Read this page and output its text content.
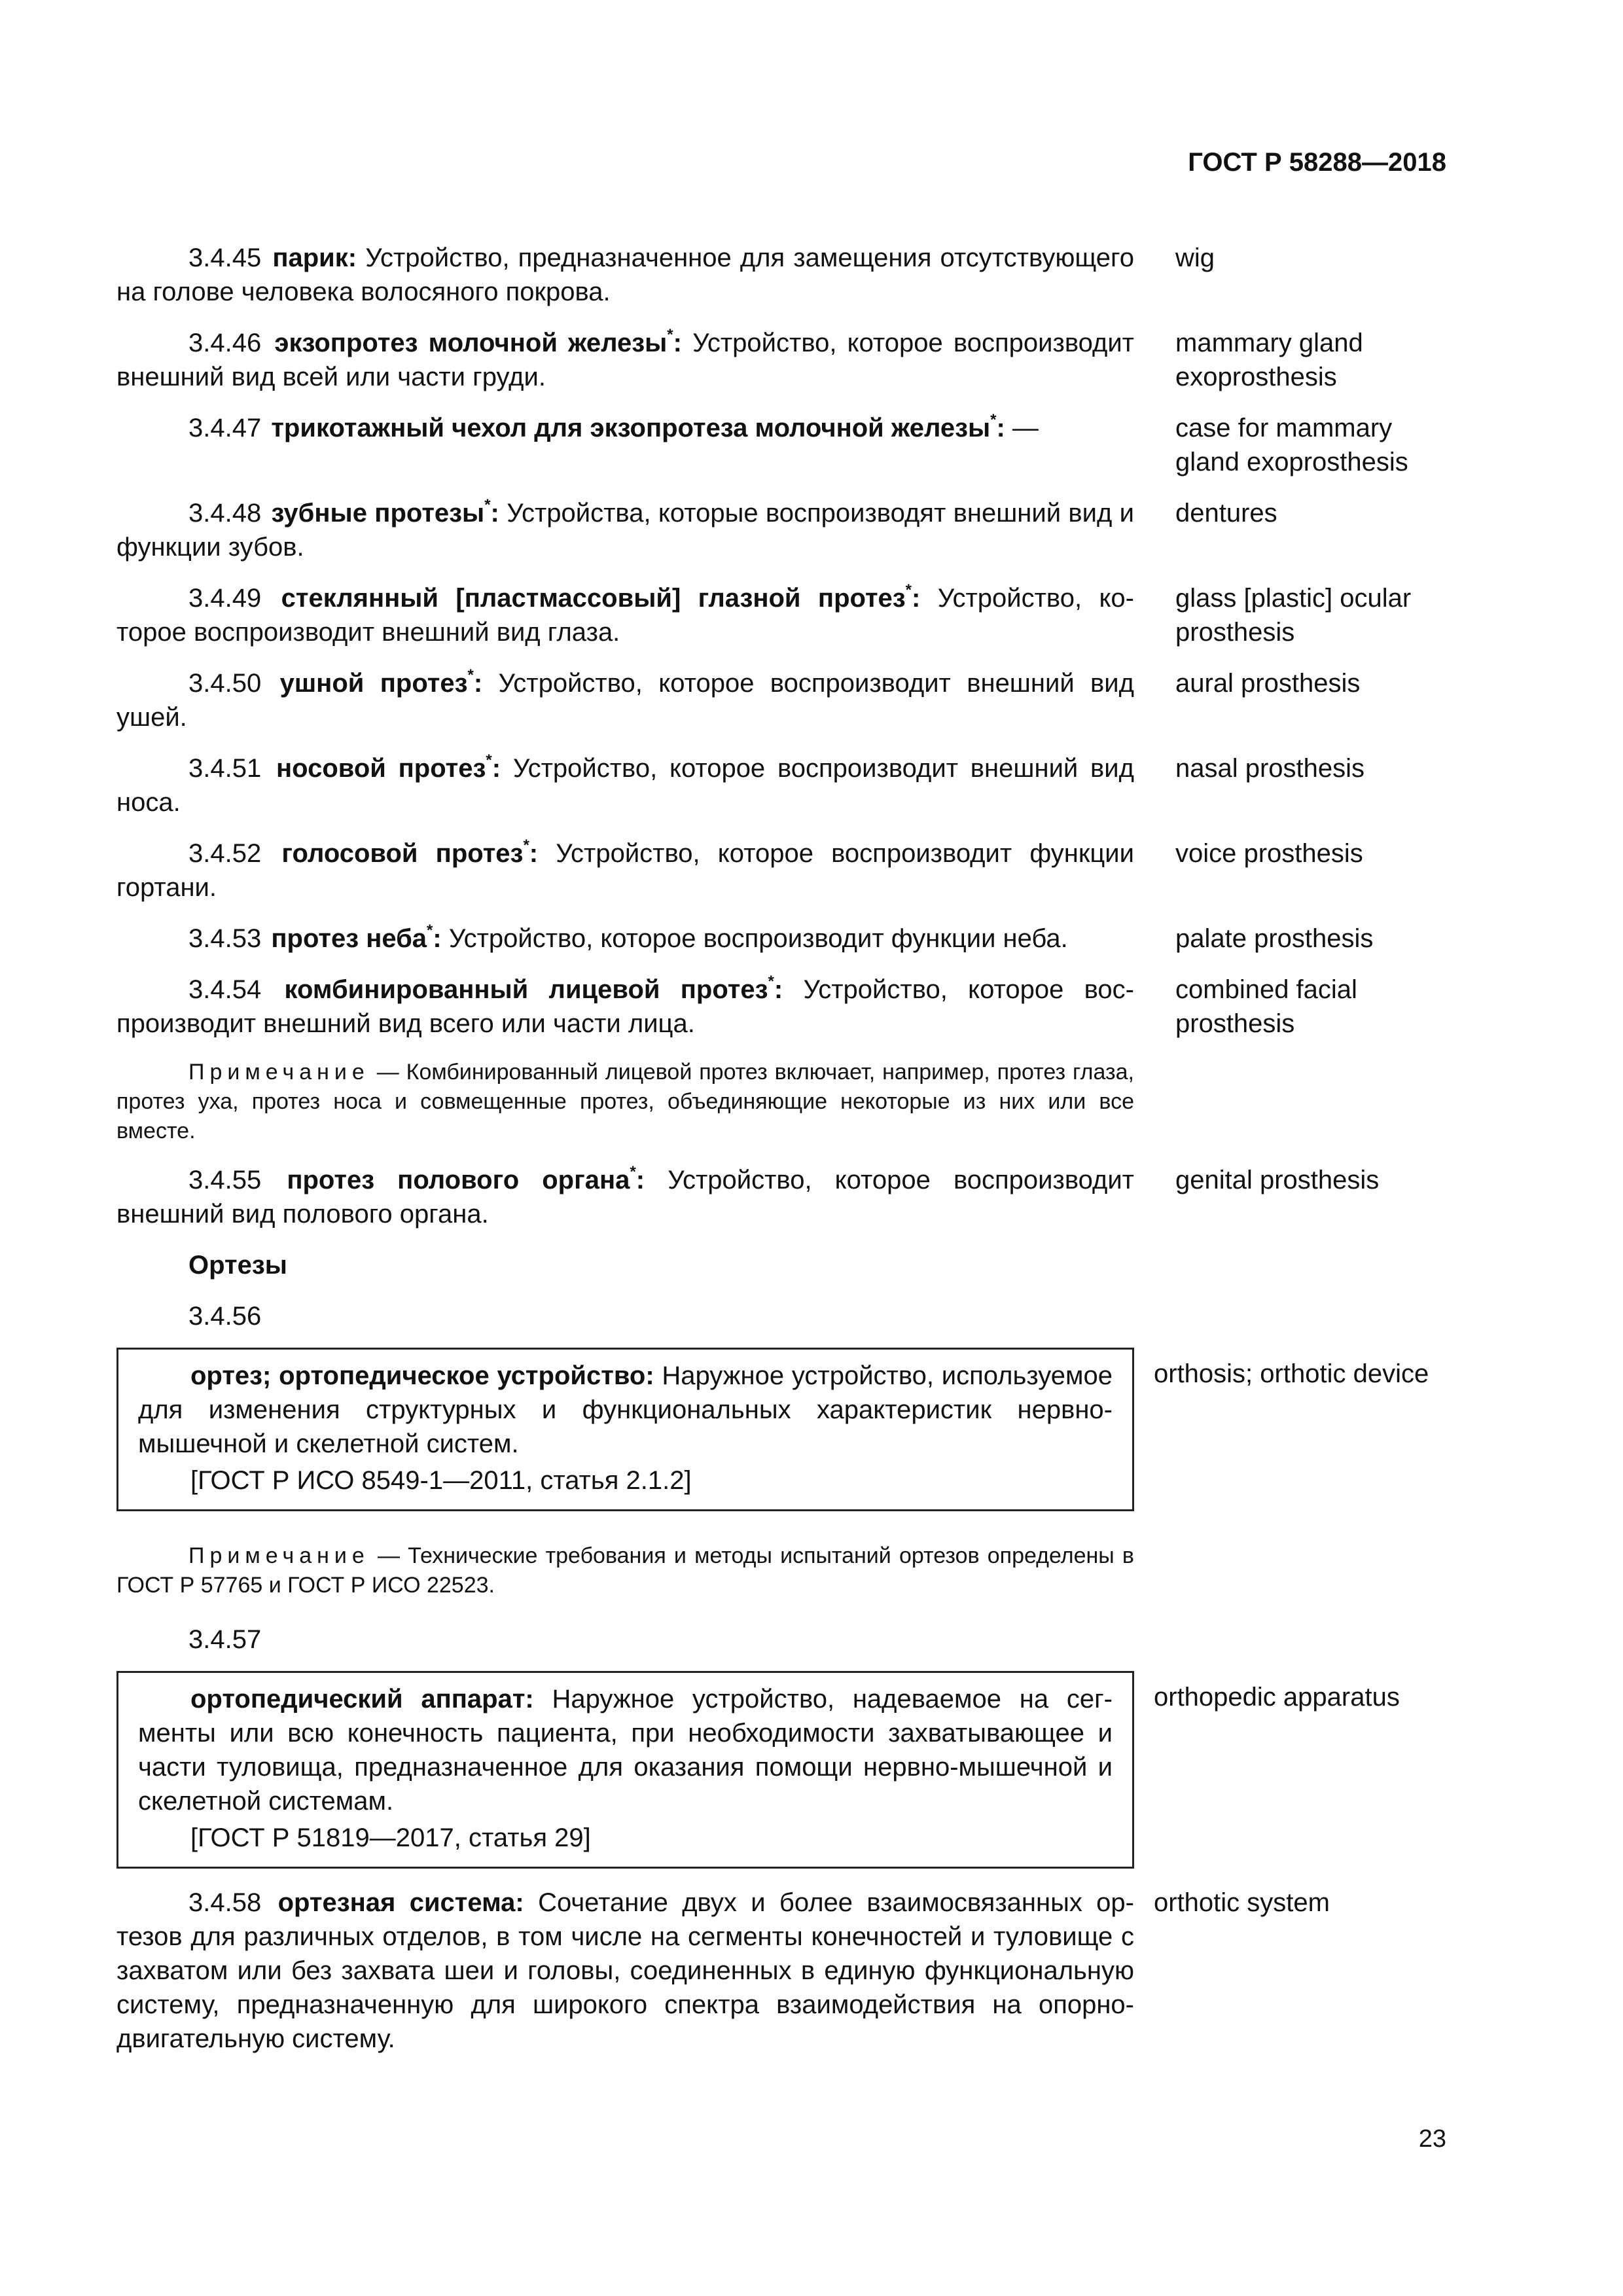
ГОСТ Р 58288—2018
3.4.45 парик: Устройство, предназначенное для замещения отсутствующего на голове человека волосяного покрова.
wig
3.4.46 экзопротез молочной железы*: Устройство, которое воспроизводит внешний вид всей или части груди.
mammary gland exoprosthesis
3.4.47 трикотажный чехол для экзопротеза молочной железы*: —	case for mammary gland exoprosthesis
3.4.48 зубные протезы*: Устройства, которые воспроизводят внешний вид и функции зубов.
dentures
3.4.49 стеклянный [пластмассовый] глазной протез*: Устройство, которое воспроизводит внешний вид глаза.
glass [plastic] ocular prosthesis
3.4.50 ушной протез*: Устройство, которое воспроизводит внешний вид ушей.
aural prosthesis
3.4.51 носовой протез*: Устройство, которое воспроизводит внешний вид носа.
nasal prosthesis
3.4.52 голосовой протез*: Устройство, которое воспроизводит функции гортани.
voice prosthesis
3.4.53 протез неба*: Устройство, которое воспроизводит функции неба.	palate prosthesis
3.4.54 комбинированный лицевой протез*: Устройство, которое воспроизводит внешний вид всего или части лица.
combined facial prosthesis
Примечание — Комбинированный лицевой протез включает, например, протез глаза, протез уха, протез носа и совмещенные протез, объединяющие некоторые из них или все вместе.
3.4.55 протез полового органа*: Устройство, которое воспроизводит внешний вид полового органа.
genital prosthesis
Ортезы
3.4.56
ортез; ортопедическое устройство: Наружное устройство, используемое для изменения структурных и функциональных характеристик нервно-мышечной и скелетной систем.
[ГОСТ Р ИСО 8549-1—2011, статья 2.1.2]
orthosis; orthotic device
Примечание — Технические требования и методы испытаний ортезов определены в ГОСТ Р 57765 и ГОСТ Р ИСО 22523.
3.4.57
ортопедический аппарат: Наружное устройство, надеваемое на сегменты или всю конечность пациента, при необходимости захватывающее и части туловища, предназначенное для оказания помощи нервно-мышечной и скелетной системам.
[ГОСТ Р 51819—2017, статья 29]
orthopedic apparatus
3.4.58 ортезная система: Сочетание двух и более взаимосвязанных ортезов для различных отделов, в том числе на сегменты конечностей и туловище с захватом или без захвата шеи и головы, соединенных в единую функциональную систему, предназначенную для широкого спектра взаимодействия на опорно-двигательную систему.
orthotic system
23
